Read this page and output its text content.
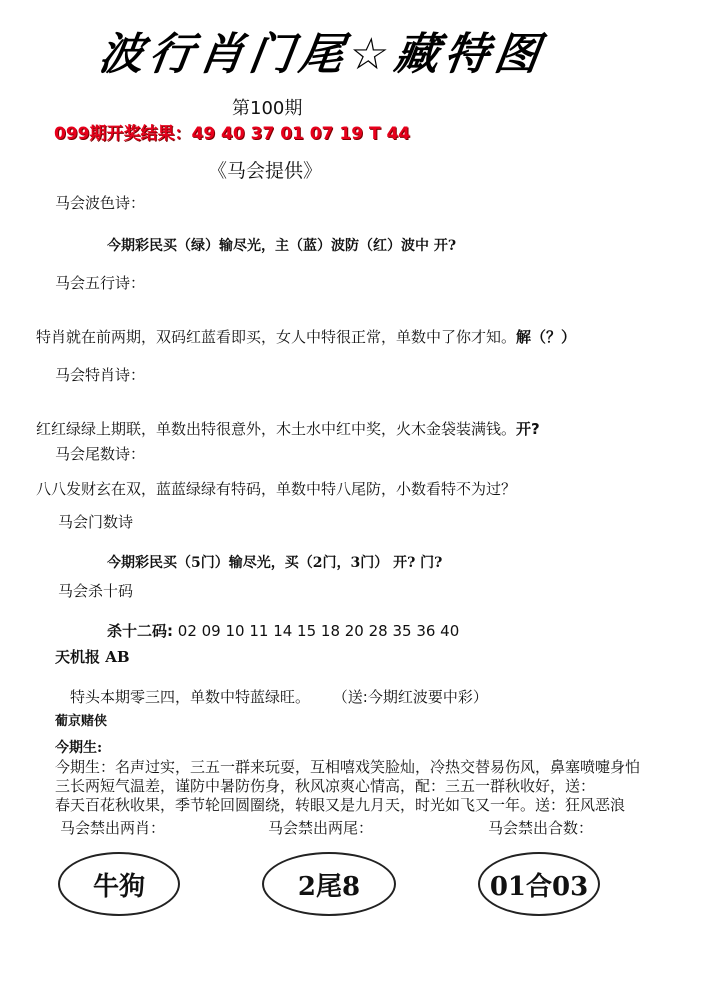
波行肖门尾☆藏特图
第100期
099期开奖结果：49 40 37 01 07 19 T 44
《马会提供》
马会波色诗：
今期彩民买（绿）输尽光，主（蓝）波防（红）波中 开?
马会五行诗：
特肖就在前两期，双码红蓝看即买，女人中特很正常，单数中了你才知。解（？）
马会特肖诗：
红红绿绿上期联，单数出特很意外，木土水中红中奖，火木金袋装满钱。开?
马会尾数诗：
八八发财玄在双，蓝蓝绿绿有特码，单数中特八尾防，小数看特不为过？
马会门数诗
今期彩民买（5门）输尽光，买（2门，3门） 开? 门?
马会杀十码
杀十二码: 02 09 10 11 14 15 18 20 28 35 36 40
天机报 AB
特头本期零三四，单数中特蓝绿旺。 （送:今期红波要中彩）
葡京赌侠
今期生:
今期生：名声过实，三五一群来玩耍，互相嘻戏笑脸灿，冷热交替易伤风，鼻塞喷嚏身怕
三长两短气温差，谨防中暑防伤身，秋风凉爽心情高，配：三五一群秋收好，送：
春天百花秋收果，季节轮回圆圈绕，转眼又是九月天，时光如飞又一年。送：狂风恶浪
马会禁出两肖：	马会禁出两尾：	马会禁出合数：
牛狗	2尾8	01合03
